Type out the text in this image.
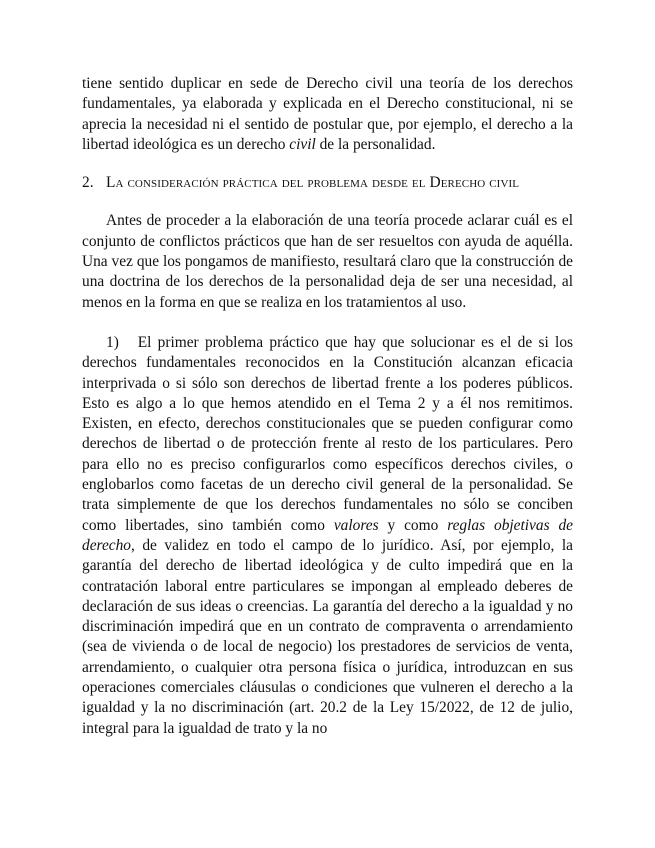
tiene sentido duplicar en sede de Derecho civil una teoría de los derechos fundamentales, ya elaborada y explicada en el Derecho constitucional, ni se aprecia la necesidad ni el sentido de postular que, por ejemplo, el derecho a la libertad ideológica es un derecho civil de la personalidad.

2. La consideración práctica del problema desde el Derecho civil

Antes de proceder a la elaboración de una teoría procede aclarar cuál es el conjunto de conflictos prácticos que han de ser resueltos con ayuda de aquélla. Una vez que los pongamos de manifiesto, resultará claro que la construcción de una doctrina de los derechos de la personalidad deja de ser una necesidad, al menos en la forma en que se realiza en los tratamientos al uso.

1)   El primer problema práctico que hay que solucionar es el de si los derechos fundamentales reconocidos en la Constitución alcanzan eficacia interprivada o si sólo son derechos de libertad frente a los poderes públicos. Esto es algo a lo que hemos atendido en el Tema 2 y a él nos remitimos. Existen, en efecto, derechos constitucionales que se pueden configurar como derechos de libertad o de protección frente al resto de los particulares. Pero para ello no es preciso configurarlos como específicos derechos civiles, o englobarlos como facetas de un derecho civil general de la personalidad. Se trata simplemente de que los derechos fundamentales no sólo se conciben como libertades, sino también como valores y como reglas objetivas de derecho, de validez en todo el campo de lo jurídico. Así, por ejemplo, la garantía del derecho de libertad ideológica y de culto impedirá que en la contratación laboral entre particulares se impongan al empleado deberes de declaración de sus ideas o creencias. La garantía del derecho a la igualdad y no discriminación impedirá que en un contrato de compraventa o arrendamiento (sea de vivienda o de local de negocio) los prestadores de servicios de venta, arrendamiento, o cualquier otra persona física o jurídica, introduzcan en sus operaciones comerciales cláusulas o condiciones que vulneren el derecho a la igualdad y la no discriminación (art. 20.2 de la Ley 15/2022, de 12 de julio, integral para la igualdad de trato y la no
